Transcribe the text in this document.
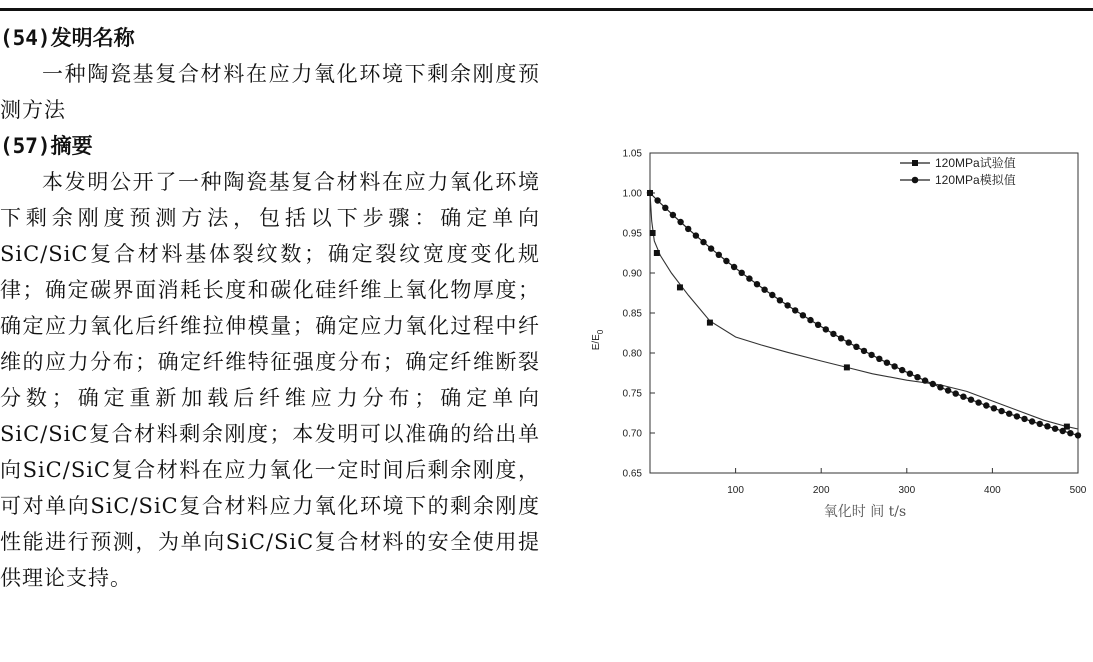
(54)发明名称

一种陶瓷基复合材料在应力氧化环境下剩余刚度预测方法

(57)摘要

本发明公开了一种陶瓷基复合材料在应力氧化环境下剩余刚度预测方法，包括以下步骤：确定单向SiC/SiC复合材料基体裂纹数；确定裂纹宽度变化规律；确定碳界面消耗长度和碳化硅纤维上氧化物厚度；确定应力氧化后纤维拉伸模量；确定应力氧化过程中纤维的应力分布；确定纤维特征强度分布；确定纤维断裂分数；确定重新加载后纤维应力分布；确定单向SiC/SiC复合材料剩余刚度；本发明可以准确的给出单向SiC/SiC复合材料在应力氧化一定时间后剩余刚度，可对单向SiC/SiC复合材料应力氧化环境下的剩余刚度性能进行预测，为单向SiC/SiC复合材料的安全使用提供理论支持。

0.65
0.70
0.75
0.80
0.85
0.90
0.95
1.00
1.05
100	200	300	400	500
$E/E_0$
氧化时 间 t/s
120MPa试验值
120MPa模拟值
